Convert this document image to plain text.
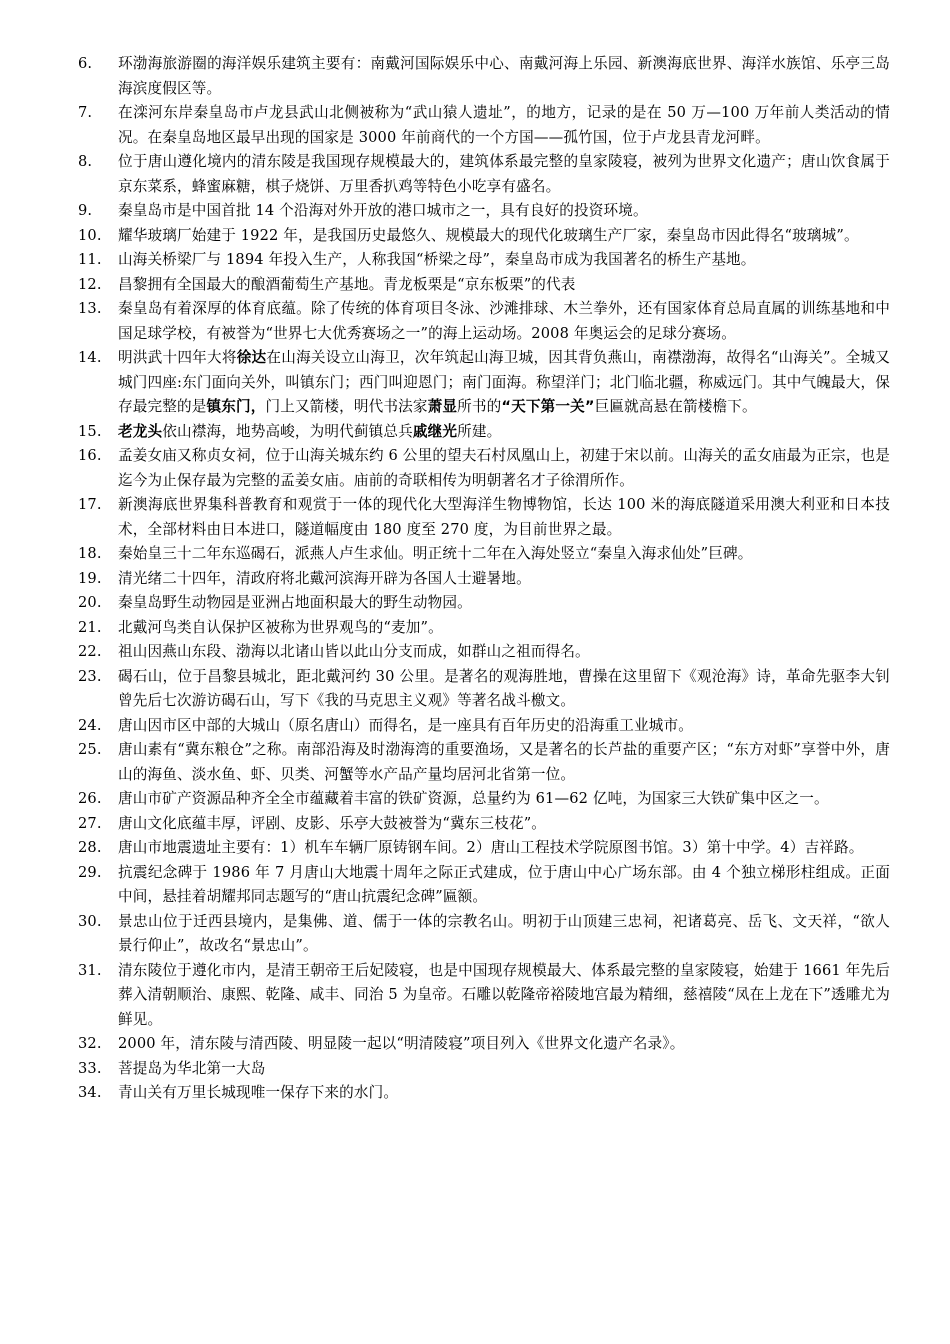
6.	环渤海旅游圈的海洋娱乐建筑主要有：南戴河国际娱乐中心、南戴河海上乐园、新澳海底世界、海洋水族馆、乐亭三岛海滨度假区等。
7.	在滦河东岸秦皇岛市卢龙县武山北侧被称为“武山猿人遗址”，的地方，记录的是在 50 万—100 万年前人类活动的情况。在秦皇岛地区最早出现的国家是 3000 年前商代的一个方国——孤竹国，位于卢龙县青龙河畔。
8.	位于唐山遵化境内的清东陵是我国现存规模最大的，建筑体系最完整的皇家陵寝，被列为世界文化遗产；唐山饮食属于京东菜系，蜂蜜麻糖，棋子烧饼、万里香扒鸡等特色小吃享有盛名。
9.	秦皇岛市是中国首批 14 个沿海对外开放的港口城市之一，具有良好的投资环境。
10.	耀华玻璃厂始建于 1922 年，是我国历史最悠久、规模最大的现代化玻璃生产厂家，秦皇岛市因此得名“玻璃城”。
11.	山海关桥梁厂与 1894 年投入生产，人称我国“桥梁之母”，秦皇岛市成为我国著名的桥生产基地。
12.	昌黎拥有全国最大的酿酒葡萄生产基地。青龙板栗是“京东板栗”的代表
13.	秦皇岛有着深厚的体育底蕴。除了传统的体育项目冬泳、沙滩排球、木兰拳外，还有国家体育总局直属的训练基地和中国足球学校，有被誉为“世界七大优秀赛场之一”的海上运动场。2008 年奥运会的足球分赛场。
14.	明洪武十四年大将徐达在山海关设立山海卫，次年筑起山海卫城，因其背负燕山，南襟渤海，故得名“山海关”。全城又城门四座:东门面向关外，叫镇东门；西门叫迎恩门；南门面海。称望洋门；北门临北疆，称威远门。其中气魄最大，保存最完整的是镇东门，门上又箭楼，明代书法家萧显所书的“天下第一关”巨匾就高悬在箭楼檐下。
15.	老龙头依山襟海，地势高峻，为明代蓟镇总兵戚继光所建。
16.	孟姜女庙又称贞女祠，位于山海关城东约 6 公里的望夫石村凤凰山上，初建于宋以前。山海关的孟女庙最为正宗，也是迄今为止保存最为完整的孟姜女庙。庙前的奇联相传为明朝著名才子徐渭所作。
17.	新澳海底世界集科普教育和观赏于一体的现代化大型海洋生物博物馆，长达 100 米的海底隧道采用澳大利亚和日本技术，全部材料由日本进口，隧道幅度由 180 度至 270 度，为目前世界之最。
18.	秦始皇三十二年东巡碣石，派燕人卢生求仙。明正统十二年在入海处竖立“秦皇入海求仙处”巨碑。
19.	清光绪二十四年，清政府将北戴河滨海开辟为各国人士避暑地。
20.	秦皇岛野生动物园是亚洲占地面积最大的野生动物园。
21.	北戴河鸟类自认保护区被称为世界观鸟的“麦加”。
22.	祖山因燕山东段、渤海以北诸山皆以此山分支而成，如群山之祖而得名。
23.	碣石山，位于昌黎县城北，距北戴河约 30 公里。是著名的观海胜地，曹操在这里留下《观沧海》诗，革命先驱李大钊曾先后七次游访碣石山，写下《我的马克思主义观》等著名战斗檄文。
24.	唐山因市区中部的大城山（原名唐山）而得名，是一座具有百年历史的沿海重工业城市。
25.	唐山素有“冀东粮仓”之称。南部沿海及时渤海湾的重要渔场，又是著名的长芦盐的重要产区；“东方对虾”享誉中外，唐山的海鱼、淡水鱼、虾、贝类、河蟹等水产品产量均居河北省第一位。
26.	唐山市矿产资源品种齐全全市蕴藏着丰富的铁矿资源，总量约为 61—62 亿吨，为国家三大铁矿集中区之一。
27.	唐山文化底蕴丰厚，评剧、皮影、乐亭大鼓被誉为“冀东三枝花”。
28.	唐山市地震遗址主要有：1）机车车辆厂原铸钢车间。2）唐山工程技术学院原图书馆。3）第十中学。4）吉祥路。
29.	抗震纪念碑于 1986 年 7 月唐山大地震十周年之际正式建成，位于唐山中心广场东部。由 4 个独立梯形柱组成。正面中间，悬挂着胡耀邦同志题写的“唐山抗震纪念碑”匾额。
30.	景忠山位于迁西县境内，是集佛、道、儒于一体的宗教名山。明初于山顶建三忠祠，祀诸葛亮、岳飞、文天祥，“欲人景行仰止”，故改名“景忠山”。
31.	清东陵位于遵化市内，是清王朝帝王后妃陵寝，也是中国现存规模最大、体系最完整的皇家陵寝，始建于 1661 年先后葬入清朝顺治、康熙、乾隆、咸丰、同治 5 为皇帝。石雕以乾隆帝裕陵地宫最为精细，慈禧陵“凤在上龙在下”透雕尤为鲜见。
32.	2000 年，清东陵与清西陵、明显陵一起以“明清陵寝”项目列入《世界文化遗产名录》。
33.	菩提岛为华北第一大岛
34.	青山关有万里长城现唯一保存下来的水门。
